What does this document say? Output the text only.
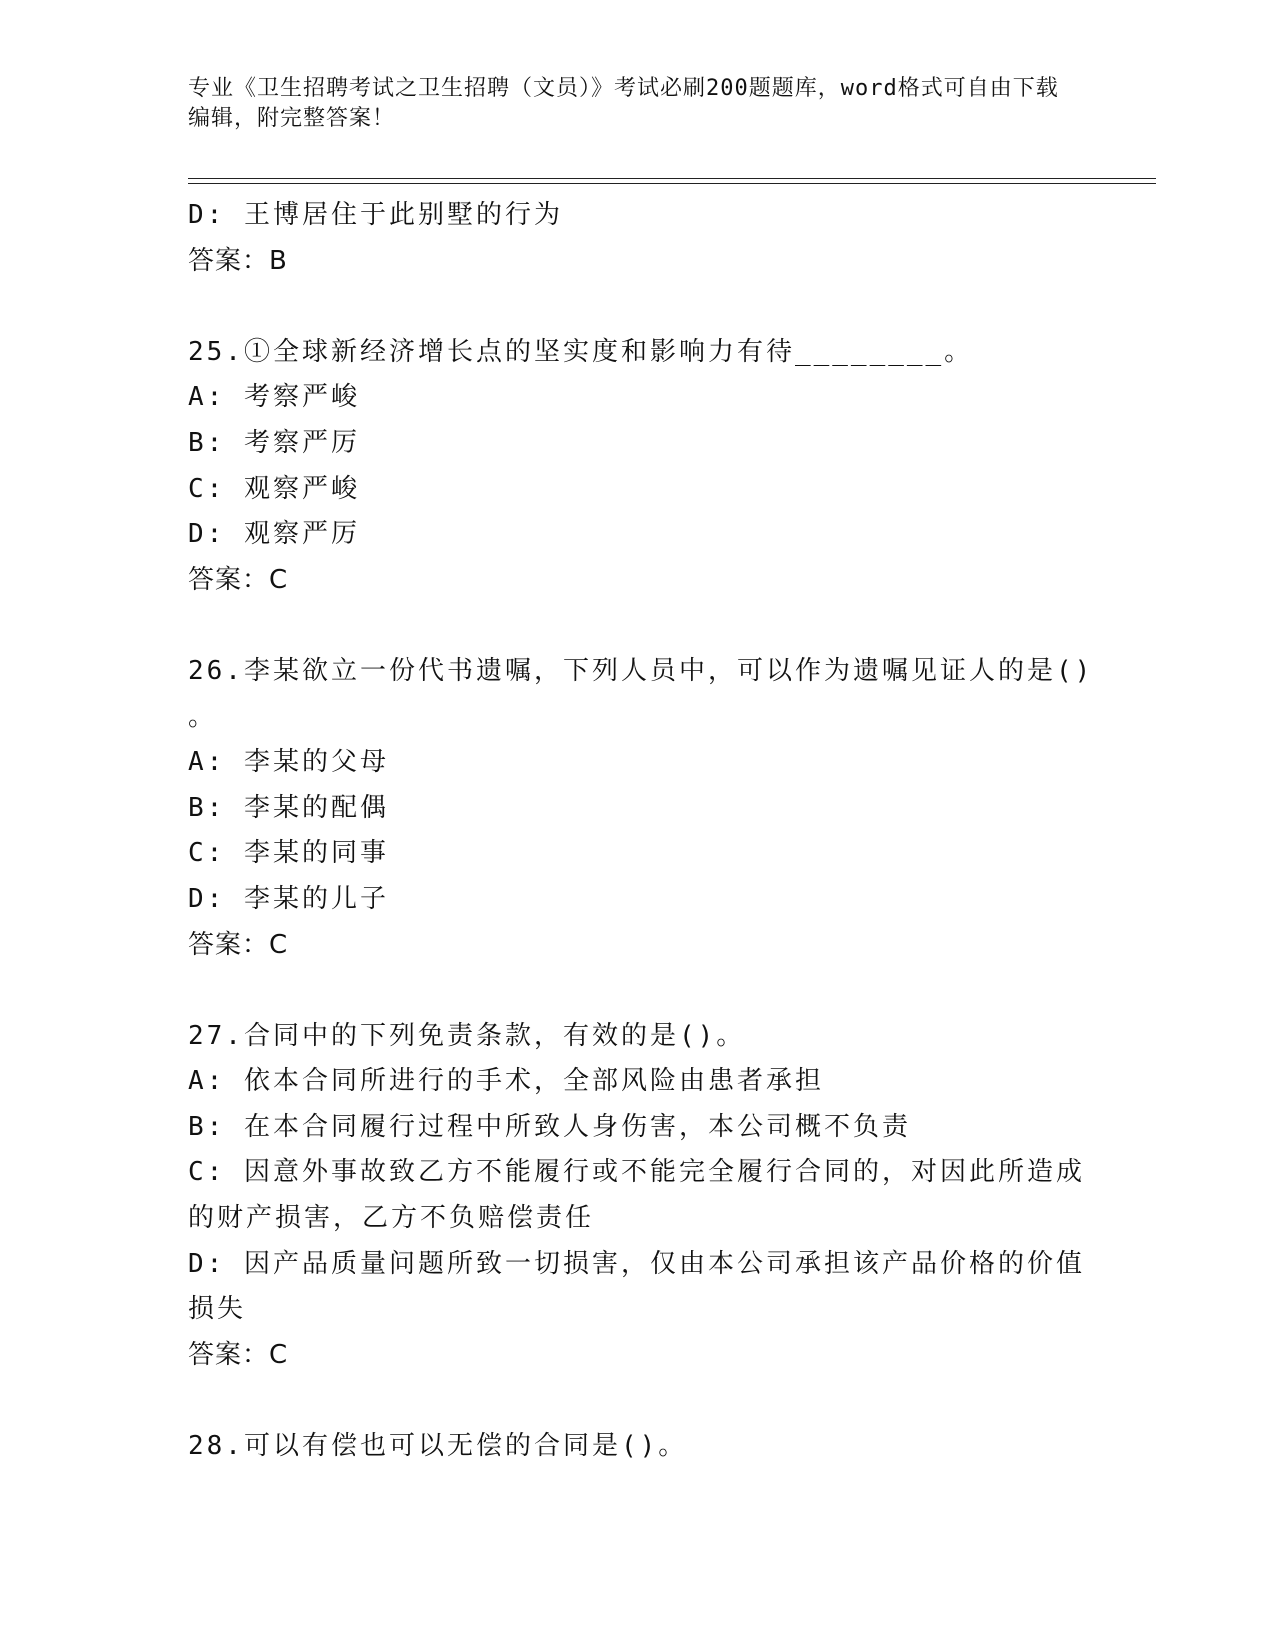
专业《卫生招聘考试之卫生招聘（文员）》考试必刷200题题库，word格式可自由下载编辑，附完整答案！
D: 王博居住于此别墅的行为
答案：B
25.①全球新经济增长点的坚实度和影响力有待________。
A: 考察严峻
B: 考察严厉
C: 观察严峻
D: 观察严厉
答案：C
26.李某欲立一份代书遗嘱，下列人员中，可以作为遗嘱见证人的是()
。
A: 李某的父母
B: 李某的配偶
C: 李某的同事
D: 李某的儿子
答案：C
27.合同中的下列免责条款，有效的是()。
A: 依本合同所进行的手术，全部风险由患者承担
B: 在本合同履行过程中所致人身伤害，本公司概不负责
C: 因意外事故致乙方不能履行或不能完全履行合同的，对因此所造成
的财产损害，乙方不负赔偿责任
D: 因产品质量问题所致一切损害，仅由本公司承担该产品价格的价值
损失
答案：C
28.可以有偿也可以无偿的合同是()。
